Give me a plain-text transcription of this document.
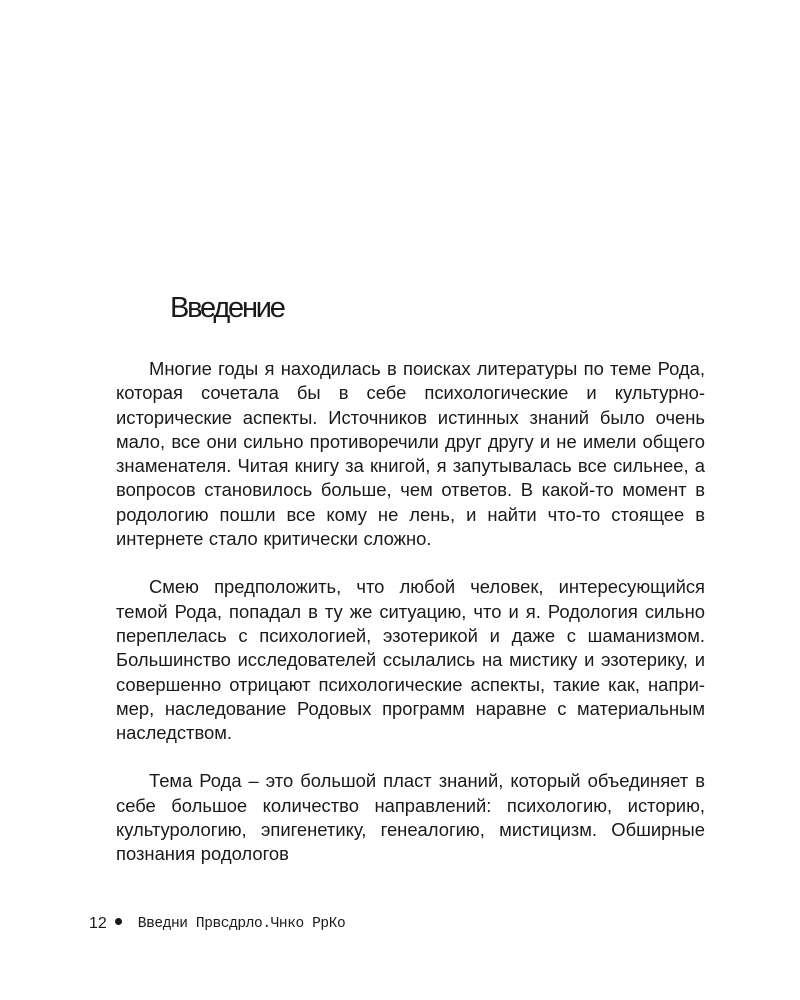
Введение

Многие годы я находилась в поисках литературы по теме Рода, которая сочетала бы в себе психологические и культурно-исторические аспекты. Источников истинных знаний было очень мало, все они сильно противоречили друг другу и не имели общего знаменателя. Читая книгу за книгой, я запутывалась все сильнее, а вопросов становилось больше, чем ответов. В какой-то момент в родологию пошли все кому не лень, и найти что-то стоящее в интернете стало критически сложно.

Смею предположить, что любой человек, интересующийся темой Рода, попадал в ту же ситуацию, что и я. Родология сильно переплелась с психологией, эзотерикой и даже с шаманизмом. Большинство исследователей ссылались на мистику и эзотерику, и совершенно отрицают психологические аспекты, такие как, например, наследование Родовых программ наравне с материальным наследством.

Тема Рода – это большой пласт знаний, который объединяет в себе большое количество направлений: психологию, историю, культурологию, эпигенетику, генеалогию, мистицизм. Обширные познания родологов

12 Введни Првсдрло.Чнко РрКо
